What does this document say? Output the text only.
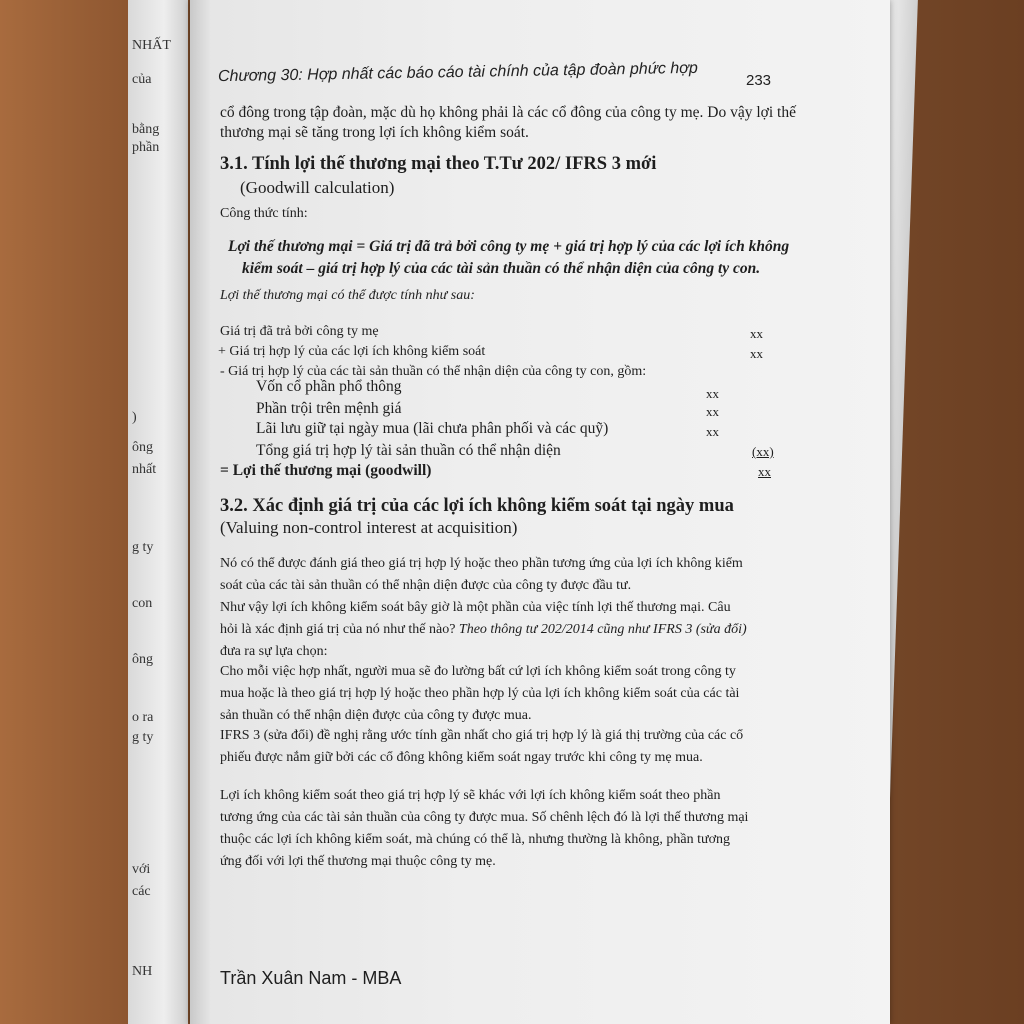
NHẤT
của
bằng
phần
)
ông
nhất
g ty
con
ông
o ra
g ty
với
các
NH
Chương 30: Hợp nhất các báo cáo tài chính của tập đoàn phức hợp	233
cổ đông trong tập đoàn, mặc dù họ không phải là các cổ đông của công ty mẹ. Do vậy lợi thế
thương mại sẽ tăng trong lợi ích không kiểm soát.
3.1. Tính lợi thế thương mại theo T.Tư 202/ IFRS 3 mới
(Goodwill calculation)
Công thức tính:
Lợi thế thương mại = Giá trị đã trả bởi công ty mẹ + giá trị hợp lý của các lợi ích không
kiểm soát – giá trị hợp lý của các tài sản thuần có thể nhận diện của công ty con.
Lợi thế thương mại có thể được tính như sau:
Giá trị đã trả bởi công ty mẹ	xx
+ Giá trị hợp lý của các lợi ích không kiểm soát	xx
- Giá trị hợp lý của các tài sản thuần có thể nhận diện của công ty con, gồm:
Vốn cổ phần phổ thông	xx
Phần trội trên mệnh giá	xx
Lãi lưu giữ tại ngày mua (lãi chưa phân phối và các quỹ)	xx
Tổng giá trị hợp lý tài sản thuần có thể nhận diện	(xx)
= Lợi thế thương mại (goodwill)	xx
3.2. Xác định giá trị của các lợi ích không kiểm soát tại ngày mua
(Valuing non-control interest at acquisition)
Nó có thể được đánh giá theo giá trị hợp lý hoặc theo phần tương ứng của lợi ích không kiểm
soát của các tài sản thuần có thể nhận diện được của công ty được đầu tư.
Như vậy lợi ích không kiểm soát bây giờ là một phần của việc tính lợi thế thương mại. Câu
hỏi là xác định giá trị của nó như thế nào? Theo thông tư 202/2014 cũng như IFRS 3 (sửa đổi)
đưa ra sự lựa chọn:
Cho mỗi việc hợp nhất, người mua sẽ đo lường bất cứ lợi ích không kiểm soát trong công ty
mua hoặc là theo giá trị hợp lý hoặc theo phần hợp lý của lợi ích không kiểm soát của các tài
sản thuần có thể nhận diện được của công ty được mua.
IFRS 3 (sửa đổi) đề nghị rằng ước tính gần nhất cho giá trị hợp lý là giá thị trường của các cổ
phiếu được nắm giữ bởi các cổ đông không kiểm soát ngay trước khi công ty mẹ mua.
Lợi ích không kiểm soát theo giá trị hợp lý sẽ khác với lợi ích không kiểm soát theo phần
tương ứng của các tài sản thuần của công ty được mua. Số chênh lệch đó là lợi thế thương mại
thuộc các lợi ích không kiểm soát, mà chúng có thể là, nhưng thường là không, phần tương
ứng đối với lợi thế thương mại thuộc công ty mẹ.
Trần Xuân Nam - MBA
